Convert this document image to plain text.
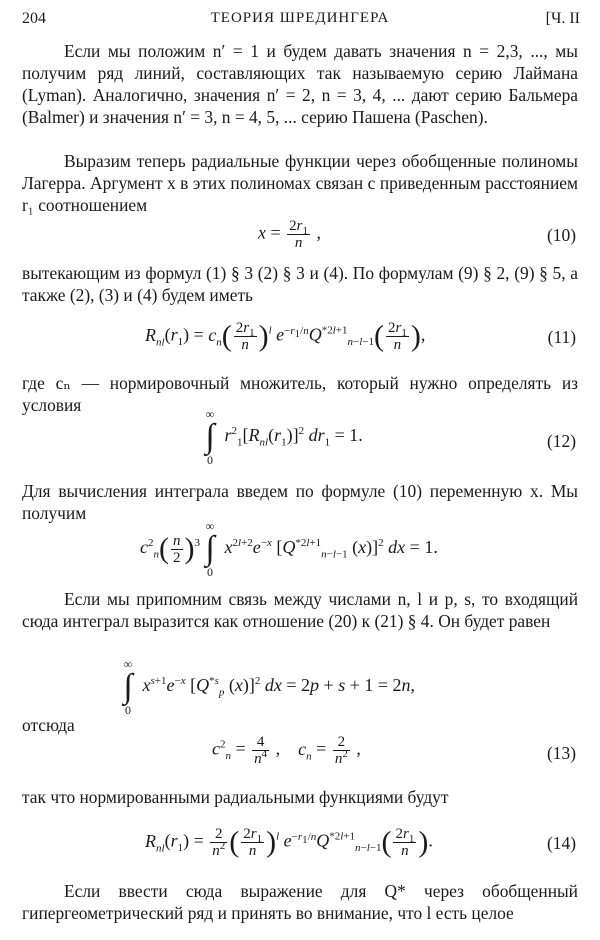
204	ТЕОРИЯ ШРЕДИНГЕРА	[Ч. II

Если мы положим n′ = 1 и будем давать значения n = 2,3, ..., мы получим ряд линий, составляющих так называемую серию Лаймана (Lyman). Аналогично, значения n′ = 2, n = 3, 4, ... дают серию Бальмера (Balmer) и значения n′ = 3, n = 4, 5, ... серию Пашена (Paschen).

Выразим теперь радиальные функции через обобщенные полиномы Лагерра. Аргумент x в этих полиномах связан с приведенным расстоянием r₁ соотношением

$x = \frac{2r_1}{n}$ ,	(10)

вытекающим из формул (1) § 3 (2) § 3 и (4). По формулам (9) § 2, (9) § 5, а также (2), (3) и (4) будем иметь

$R_{nl}(r_1) = c_n( \frac{2r_1}{n} )^l$ $e^{-r_1/n}Q^{*2l+1}_{n-l-1}( \frac{2r_1}{n}$ ),	(11)

где cₙ — нормировочный множитель, который нужно определять из условия	∞
∫
0
$r^2_1[R_{nl}(r_1)]^2$ $dr_1 = 1$.	(12)

Для вычисления интеграла введем по формуле (10) переменную x. Мы получим

$c^2_n( \frac{n}{2} )^3$
∞
∫
0
$x^{2l+2}e^{-x}$ [$Q^{*2l+1}_{n-l-1}$ (x)]$^2$ dx = 1.

Если мы припомним связь между числами n, l и p, s, то входящий сюда интеграл выразится как отношение (20) к (21) § 4. Он будет равен

∞
∫
0
$x^{s+1}e^{-x}$ [$Q^{*s}_p$ (x)]$^2$ dx = 2p + s + 1 = 2n,

отсюда

$c^2_n = \frac{4}{n^4}$ ,    $c_n = \frac{2}{n^2}$ ,	(13)

так что нормированными радиальными функциями будут

$R_{nl}(r_1) = \frac{2}{n^2}$ ( $\frac{2r_1}{n} )^l$ $e^{-r_1/n}Q^{*2l+1}_{n-l-1}( \frac{2r_1}{n}$ ).	(14)

Если ввести сюда выражение для Q* через обобщенный гипергеометрический ряд и принять во внимание, что l есть целое
